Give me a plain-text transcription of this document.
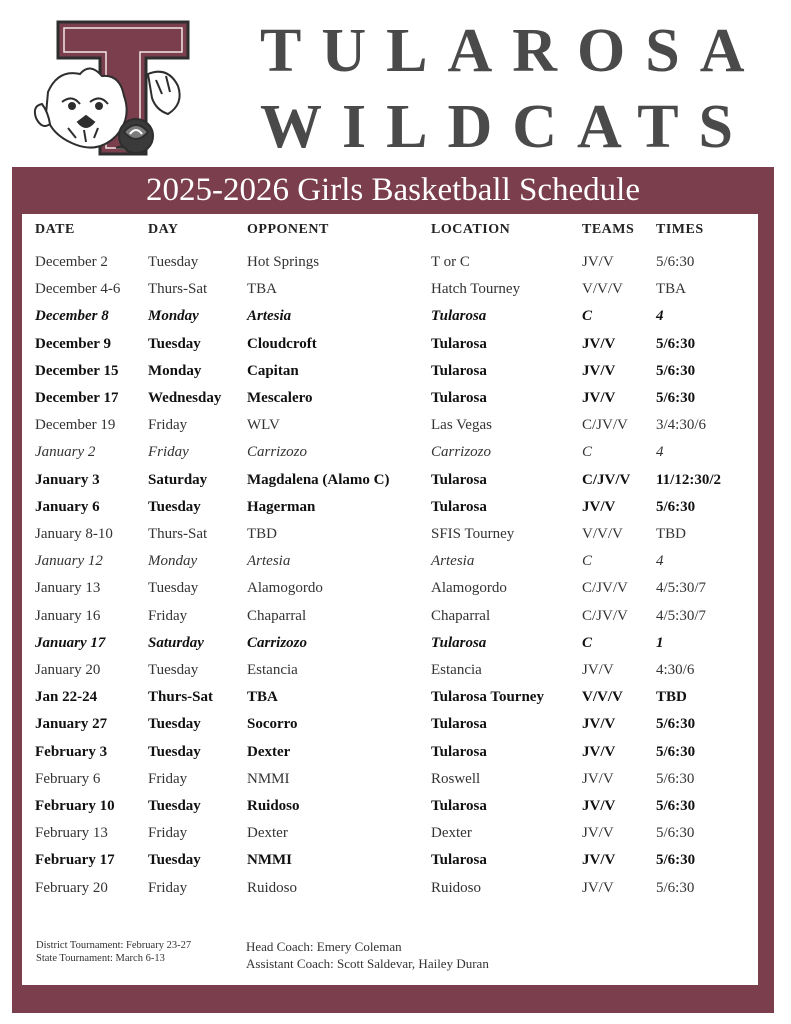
TULAROSA
WILDCATS
2025-2026 Girls Basketball Schedule
DATE	DAY	OPPONENT	LOCATION	TEAMS TIMES
December 2	Tuesday	Hot Springs	T or C	JV/V	5/6:30
December 4-6 Thurs-Sat	TBA	Hatch Tourney	V/V/V TBA
December 8	Monday	Artesia	Tularosa	C	4
December 9 Tuesday	Cloudcroft	Tularosa	JV/V	5/6:30
December 15 Monday	Capitan	Tularosa	JV/V	5/6:30
December 17 Wednesday Mescalero	Tularosa	JV/V	5/6:30
December 19 Friday	WLV	Las Vegas	C/JV/V 3/4:30/6
January 2	Friday	Carrizozo	Carrizozo	C	4
January 3	Saturday	Magdalena (Alamo C)	Tularosa	C/JV/V 11/12:30/2
January 6	Tuesday	Hagerman	Tularosa	JV/V	5/6:30
January 8-10 Thurs-Sat	TBD	SFIS Tourney	V/V/V TBD
January 12	Monday	Artesia	Artesia	C	4
January 13	Tuesday	Alamogordo	Alamogordo	C/JV/V 4/5:30/7
January 16	Friday	Chaparral	Chaparral	C/JV/V 4/5:30/7
January 17	Saturday	Carrizozo	Tularosa	C	1
January 20	Tuesday	Estancia	Estancia	JV/V	4:30/6
Jan 22-24	Thurs-Sat TBA	Tularosa Tourney	V/V/V TBD
January 27	Tuesday	Socorro	Tularosa	JV/V	5/6:30
February 3	Tuesday	Dexter	Tularosa	JV/V	5/6:30
February 6	Friday	NMMI	Roswell	JV/V	5/6:30
February 10 Tuesday	Ruidoso	Tularosa	JV/V	5/6:30
February 13	Friday	Dexter	Dexter	JV/V	5/6:30
February 17 Tuesday	NMMI	Tularosa	JV/V	5/6:30
February 20	Friday	Ruidoso	Ruidoso	JV/V	5/6:30
District Tournament: February 23-27
State Tournament: March 6-13
Head Coach: Emery Coleman
Assistant Coach: Scott Saldevar, Hailey Duran
